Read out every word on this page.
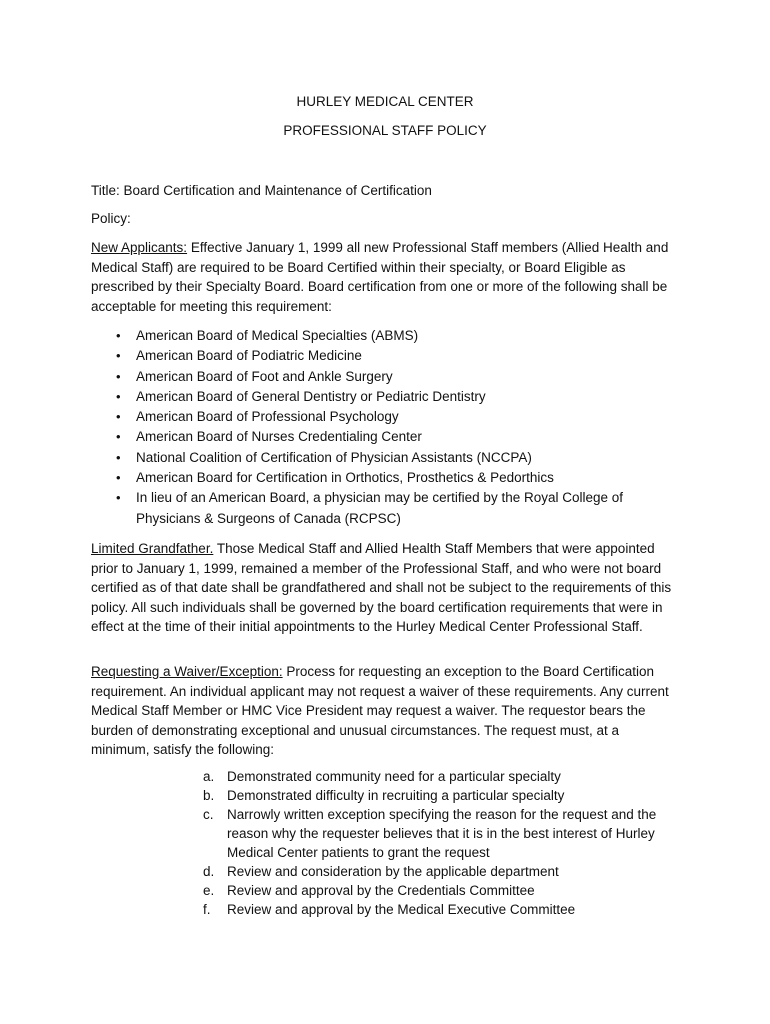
HURLEY MEDICAL CENTER
PROFESSIONAL STAFF POLICY
Title: Board Certification and Maintenance of Certification
Policy:
New Applicants: Effective January 1, 1999 all new Professional Staff members (Allied Health and Medical Staff) are required to be Board Certified within their specialty, or Board Eligible as prescribed by their Specialty Board. Board certification from one or more of the following shall be acceptable for meeting this requirement:
• American Board of Medical Specialties (ABMS)
• American Board of Podiatric Medicine
• American Board of Foot and Ankle Surgery
• American Board of General Dentistry or Pediatric Dentistry
• American Board of Professional Psychology
• American Board of Nurses Credentialing Center
• National Coalition of Certification of Physician Assistants (NCCPA)
• American Board for Certification in Orthotics, Prosthetics & Pedorthics
• In lieu of an American Board, a physician may be certified by the Royal College of Physicians & Surgeons of Canada (RCPSC)
Limited Grandfather. Those Medical Staff and Allied Health Staff Members that were appointed prior to January 1, 1999, remained a member of the Professional Staff, and who were not board certified as of that date shall be grandfathered and shall not be subject to the requirements of this policy. All such individuals shall be governed by the board certification requirements that were in effect at the time of their initial appointments to the Hurley Medical Center Professional Staff.
Requesting a Waiver/Exception: Process for requesting an exception to the Board Certification requirement. An individual applicant may not request a waiver of these requirements. Any current Medical Staff Member or HMC Vice President may request a waiver. The requestor bears the burden of demonstrating exceptional and unusual circumstances. The request must, at a minimum, satisfy the following:
a. Demonstrated community need for a particular specialty
b. Demonstrated difficulty in recruiting a particular specialty
c. Narrowly written exception specifying the reason for the request and the reason why the requester believes that it is in the best interest of Hurley Medical Center patients to grant the request
d. Review and consideration by the applicable department
e. Review and approval by the Credentials Committee
f. Review and approval by the Medical Executive Committee
